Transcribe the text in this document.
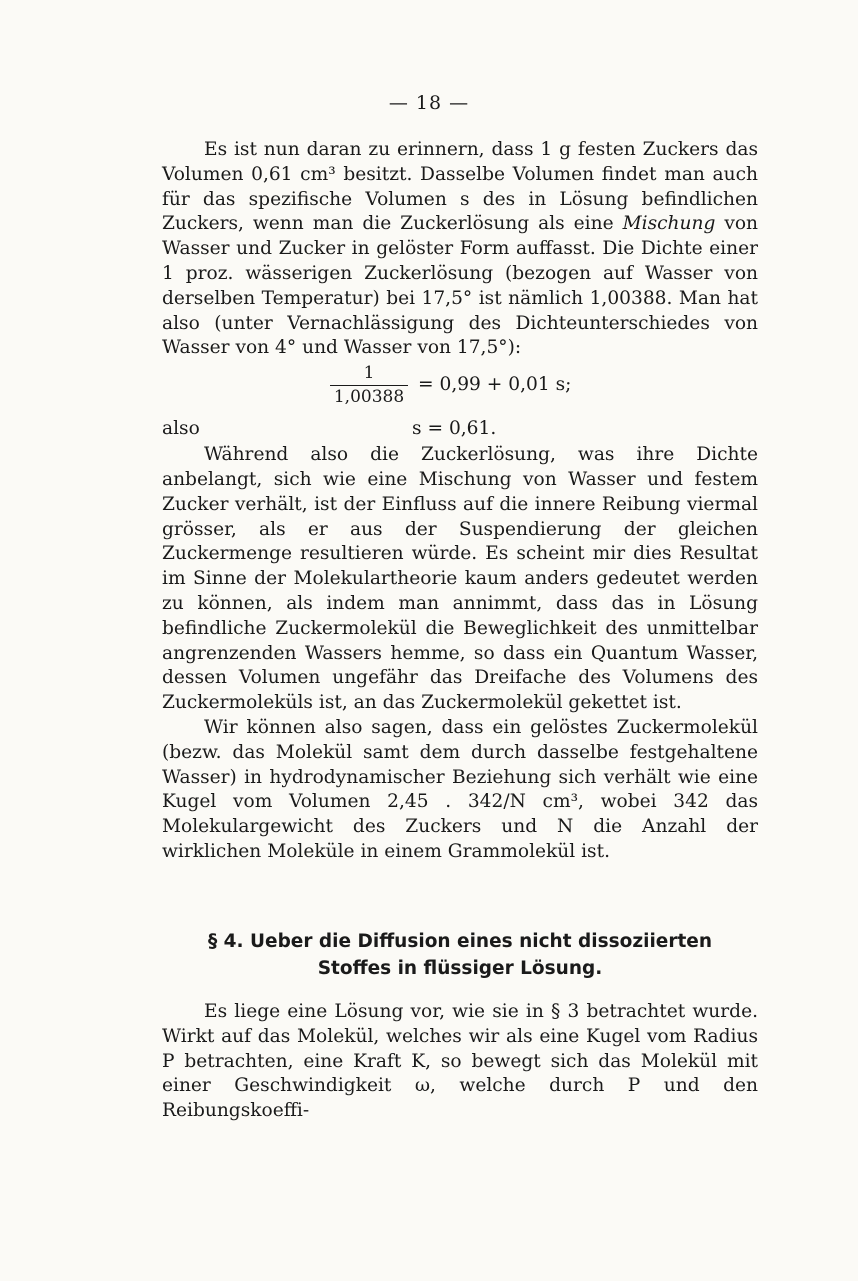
— 18 —

Es ist nun daran zu erinnern, dass 1 g festen Zuckers das Volumen 0,61 cm³ besitzt. Dasselbe Volumen findet man auch für das spezifische Volumen s des in Lösung befindlichen Zuckers, wenn man die Zuckerlösung als eine Mischung von Wasser und Zucker in gelöster Form auffasst. Die Dichte einer 1 proz. wässerigen Zuckerlösung (bezogen auf Wasser von derselben Temperatur) bei 17,5° ist nämlich 1,00388. Man hat also (unter Vernachlässigung des Dichteunterschiedes von Wasser von 4° und Wasser von 17,5°):

1
1,00388
= 0,99 + 0,01 s;
also	s = 0,61.

Während also die Zuckerlösung, was ihre Dichte anbelangt, sich wie eine Mischung von Wasser und festem Zucker verhält, ist der Einfluss auf die innere Reibung viermal grösser, als er aus der Suspendierung der gleichen Zuckermenge resultieren würde. Es scheint mir dies Resultat im Sinne der Molekulartheorie kaum anders gedeutet werden zu können, als indem man annimmt, dass das in Lösung befindliche Zuckermolekül die Beweglichkeit des unmittelbar angrenzenden Wassers hemme, so dass ein Quantum Wasser, dessen Volumen ungefähr das Dreifache des Volumens des Zuckermoleküls ist, an das Zuckermolekül gekettet ist.

Wir können also sagen, dass ein gelöstes Zuckermolekül (bezw. das Molekül samt dem durch dasselbe festgehaltene Wasser) in hydrodynamischer Beziehung sich verhält wie eine Kugel vom Volumen 2,45 . 342/N cm³, wobei 342 das Molekulargewicht des Zuckers und N die Anzahl der wirklichen Moleküle in einem Grammolekül ist.

§ 4. Ueber die Diffusion eines nicht dissoziierten
Stoffes in flüssiger Lösung.

Es liege eine Lösung vor, wie sie in § 3 betrachtet wurde. Wirkt auf das Molekül, welches wir als eine Kugel vom Radius P betrachten, eine Kraft K, so bewegt sich das Molekül mit einer Geschwindigkeit ω, welche durch P und den Reibungskoeffi-
